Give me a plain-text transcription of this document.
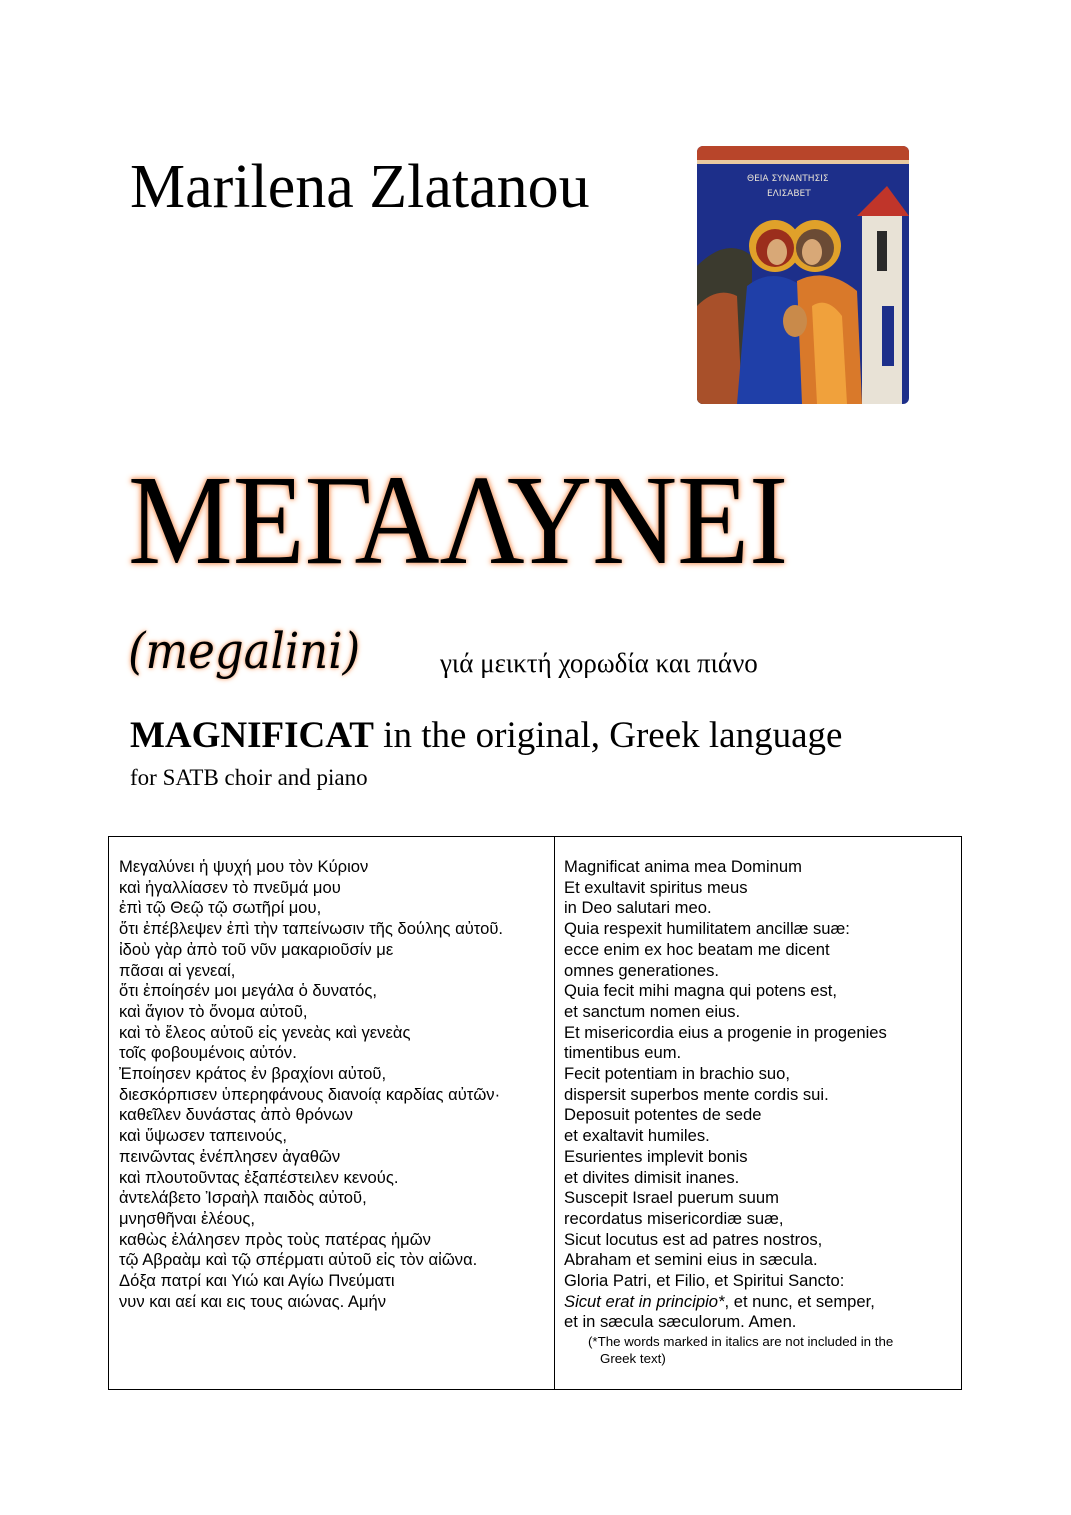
Marilena Zlatanou	ΘΕΙΑ ΣΥΝΑΝΤΗΣΙΣ
ΕΛΙΣΑΒΕΤ
ΜΕΓΑΛΥΝΕΙ
(megalini)	γιά μεικτή χορωδία και πιάνο
MAGNIFICAT in the original, Greek language
for SATB choir and piano
Μεγαλύνει ἡ ψυχή μου τὸν Κύριον
καὶ ἠγαλλίασεν τὸ πνεῦμά μου
ἐπὶ τῷ Θεῷ τῷ σωτῆρί μου,
ὅτι ἐπέβλεψεν ἐπὶ τὴν ταπείνωσιν τῆς δούλης αὐτοῦ.
ἰδοὺ γὰρ ἀπὸ τοῦ νῦν μακαριοῦσίν με
πᾶσαι αἱ γενεαί,
ὅτι ἐποίησέν μοι μεγάλα ὁ δυνατός,
καὶ ἅγιον τὸ ὄνομα αὐτοῦ,
καὶ τὸ ἔλεος αὐτοῦ εἰς γενεὰς καὶ γενεὰς
τοῖς φοβουμένοις αὐτόν.
Ἐποίησεν κράτος ἐν βραχίονι αὐτοῦ,
διεσκόρπισεν ὑπερηφάνους διανοίᾳ καρδίας αὐτῶν·
καθεῖλεν δυνάστας ἀπὸ θρόνων
καὶ ὕψωσεν ταπεινούς,
πεινῶντας ἐνέπλησεν ἀγαθῶν
καὶ πλουτοῦντας ἐξαπέστειλεν κενούς.
ἀντελάβετο Ἰσραὴλ παιδὸς αὐτοῦ,
μνησθῆναι ἐλέους,
καθὼς ἐλάλησεν πρὸς τοὺς πατέρας ἡμῶν
τῷ Αβραὰμ καὶ τῷ σπέρματι αὐτοῦ εἰς τὸν αἰῶνα.
Δόξα πατρί και Υιώ και Αγίω Πνεύματι
νυν και αεί και εις τους αιώνας. Αμήν
Magnificat anima mea Dominum
Et exultavit spiritus meus
in Deo salutari meo.
Quia respexit humilitatem ancillæ suæ:
ecce enim ex hoc beatam me dicent
omnes generationes.
Quia fecit mihi magna qui potens est,
et sanctum nomen eius.
Et misericordia eius a progenie in progenies
timentibus eum.
Fecit potentiam in brachio suo,
dispersit superbos mente cordis sui.
Deposuit potentes de sede
et exaltavit humiles.
Esurientes implevit bonis
et divites dimisit inanes.
Suscepit Israel puerum suum
recordatus misericordiæ suæ,
Sicut locutus est ad patres nostros,
Abraham et semini eius in sæcula.
Gloria Patri, et Filio, et Spiritui Sancto:
Sicut erat in principio*, et nunc, et semper,
et in sæcula sæculorum. Amen.
(*The words marked in italics are not included in the
Greek text)
